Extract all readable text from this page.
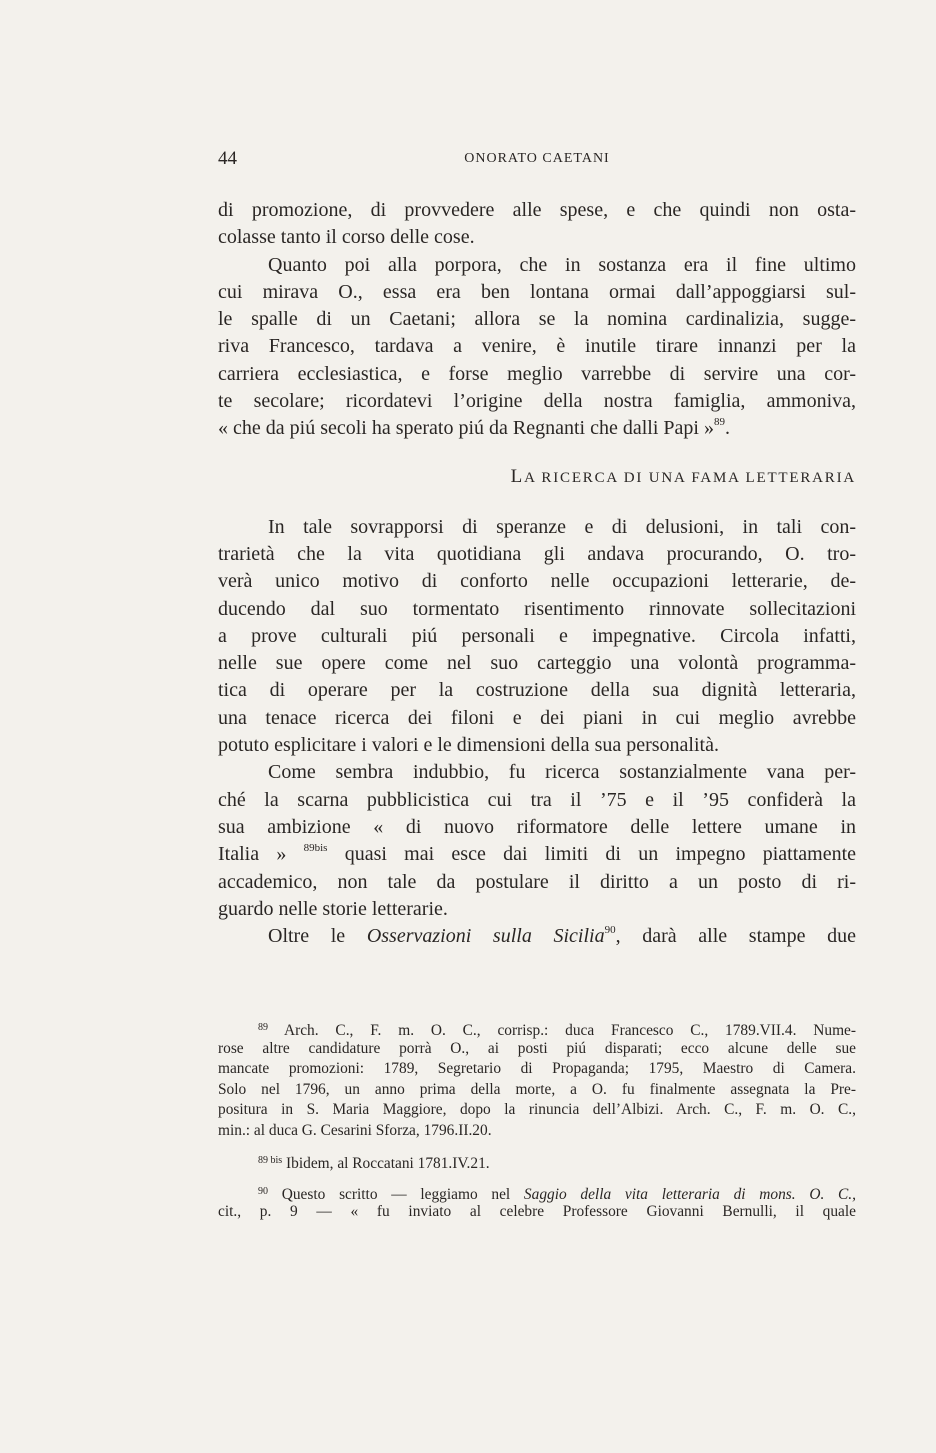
44	ONORATO CAETANI
di promozione, di provvedere alle spese, e che quindi non osta-
colasse tanto il corso delle cose.
Quanto poi alla porpora, che in sostanza era il fine ultimo
cui mirava O., essa era ben lontana ormai dall’appoggiarsi sul-
le spalle di un Caetani; allora se la nomina cardinalizia, sugge-
riva Francesco, tardava a venire, è inutile tirare innanzi per la
carriera ecclesiastica, e forse meglio varrebbe di servire una cor-
te secolare; ricordatevi l’origine della nostra famiglia, ammoniva,
« che da piú secoli ha sperato piú da Regnanti che dalli Papi »$^{89}$.
LA RICERCA DI UNA FAMA LETTERARIA
In tale sovrapporsi di speranze e di delusioni, in tali con-
trarietà che la vita quotidiana gli andava procurando, O. tro-
verà unico motivo di conforto nelle occupazioni letterarie, de-
ducendo dal suo tormentato risentimento rinnovate sollecitazioni
a prove culturali piú personali e impegnative. Circola infatti,
nelle sue opere come nel suo carteggio una volontà programma-
tica di operare per la costruzione della sua dignità letteraria,
una tenace ricerca dei filoni e dei piani in cui meglio avrebbe
potuto esplicitare i valori e le dimensioni della sua personalità.
Come sembra indubbio, fu ricerca sostanzialmente vana per-
ché la scarna pubblicistica cui tra il ’75 e il ’95 confiderà la
sua ambizione « di nuovo riformatore delle lettere umane in
Italia » $^{89bis}$ quasi mai esce dai limiti di un impegno piattamente
accademico, non tale da postulare il diritto a un posto di ri-
guardo nelle storie letterarie.
Oltre le Osservazioni sulla Sicilia$^{90}$, darà alle stampe due
$^{89}$ Arch. C., F. m. O. C., corrisp.: duca Francesco C., 1789.VII.4. Nume-
rose altre candidature porrà O., ai posti piú disparati; ecco alcune delle sue
mancate promozioni: 1789, Segretario di Propaganda; 1795, Maestro di Camera.
Solo nel 1796, un anno prima della morte, a O. fu finalmente assegnata la Pre-
positura in S. Maria Maggiore, dopo la rinuncia dell’Albizi. Arch. C., F. m. O. C.,
min.: al duca G. Cesarini Sforza, 1796.II.20.
$^{89 bis}$ Ibidem, al Roccatani 1781.IV.21.
$^{90}$ Questo scritto — leggiamo nel Saggio della vita letteraria di mons. O. C.,
cit., p. 9 — « fu inviato al celebre Professore Giovanni Bernulli, il quale
